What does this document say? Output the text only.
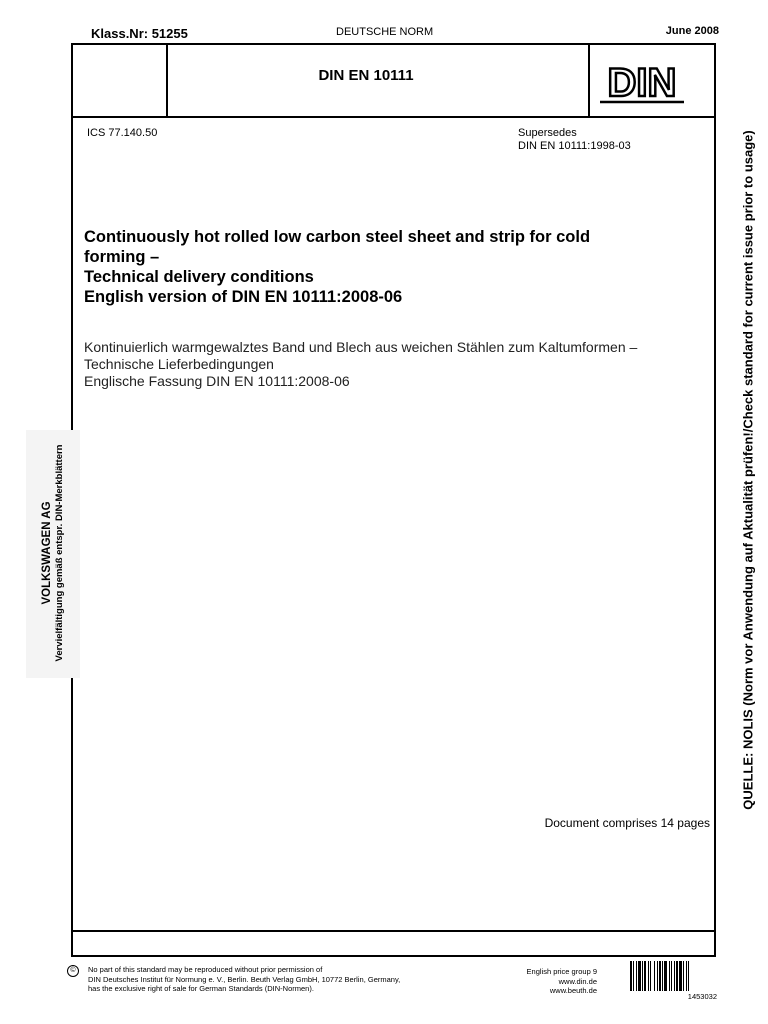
Klass.Nr: 51255	DEUTSCHE NORM	June 2008
DIN EN 10111	DIN
ICS 77.140.50	Supersedes
DIN EN 10111:1998-03
Continuously hot rolled low carbon steel sheet and strip for cold
forming –
Technical delivery conditions
English version of DIN EN 10111:2008-06
Kontinuierlich warmgewalztes Band und Blech aus weichen Stählen zum Kaltumformen –
Technische Lieferbedingungen
Englische Fassung DIN EN 10111:2008-06
Document comprises 14 pages
VOLKSWAGEN AG Vervielfältigung gemäß entspr. DIN-Merkblättern	QUELLE: NOLIS (Norm vor Anwendung auf Aktualität prüfen!/Check standard for current issue prior to usage)
©	No part of this standard may be reproduced without prior permission of
DIN Deutsches Institut für Normung e. V., Berlin. Beuth Verlag GmbH, 10772 Berlin, Germany,
has the exclusive right of sale for German Standards (DIN-Normen).
English price group 9
www.din.de
www.beuth.de
1453032
